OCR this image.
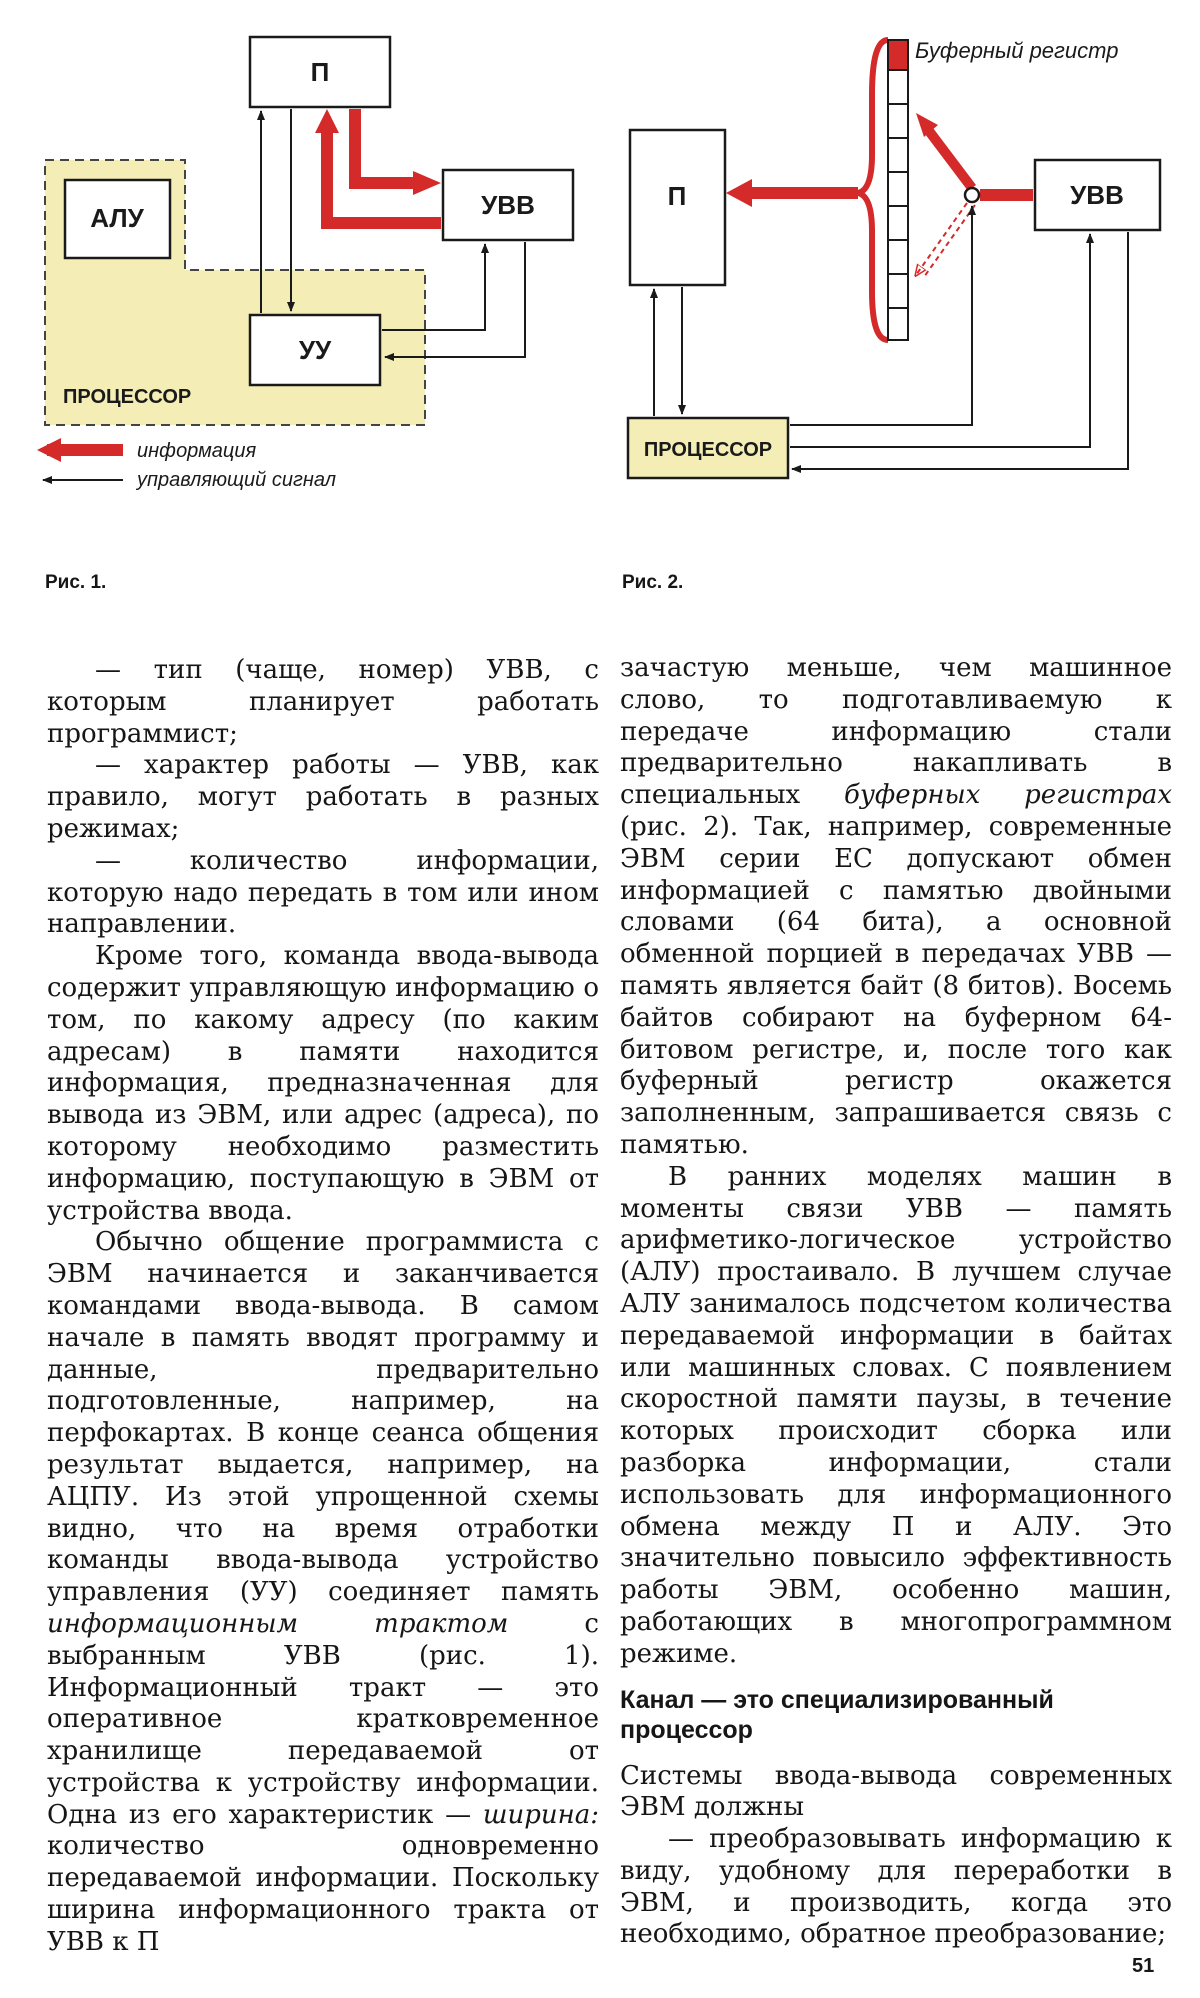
ПРОЦЕССОР
АЛУ
П
УВВ
УУ
информация
управляющий сигнал
П
ПРОЦЕССОР
УВВ
Буферный регистр
Рис. 1.	Рис. 2.

— тип (чаще, номер) УВВ, с которым планирует работать программист;

— характер работы — УВВ, как правило, могут работать в разных режимах;

— количество информации, которую надо передать в том или ином направлении.

Кроме того, команда ввода-вывода содержит управляющую информацию о том, по какому адресу (по каким адресам) в памяти находится информация, предназначенная для вывода из ЭВМ, или адрес (адреса), по которому необходимо разместить информацию, поступающую в ЭВМ от устройства ввода.

Обычно общение программиста с ЭВМ начинается и заканчивается командами ввода-вывода. В самом начале в память вводят программу и данные, предварительно подготовленные, например, на перфокартах. В конце сеанса общения результат выдается, например, на АЦПУ. Из этой упрощенной схемы видно, что на время отработки команды ввода-вывода устройство управления (УУ) соединяет память информационным трактом с выбранным УВВ (рис. 1). Информационный тракт — это оперативное кратковременное хранилище передаваемой от устройства к устройству информации. Одна из его характеристик — ширина: количество одновременно передаваемой информации. Поскольку ширина информационного тракта от УВВ к П

зачастую меньше, чем машинное слово, то подготавливаемую к передаче информацию стали предварительно накапливать в специальных буферных регистрах (рис. 2). Так, например, современные ЭВМ серии ЕС допускают обмен информацией с памятью двойными словами (64 бита), а основной обменной порцией в передачах УВВ — память является байт (8 битов). Восемь байтов собирают на буферном 64-битовом регистре, и, после того как буферный регистр окажется заполненным, запрашивается связь с памятью.

В ранних моделях машин в моменты связи УВВ — память арифметико-логическое устройство (АЛУ) простаивало. В лучшем случае АЛУ занималось подсчетом количества передаваемой информации в байтах или машинных словах. С появлением скоростной памяти паузы, в течение которых происходит сборка или разборка информации, стали использовать для информационного обмена между П и АЛУ. Это значительно повысило эффективность работы ЭВМ, особенно машин, работающих в многопрограммном режиме.

Канал — это специализированный процессор

Системы ввода-вывода современных ЭВМ должны

— преобразовывать информацию к виду, удобному для переработки в ЭВМ, и производить, когда это необходимо, обратное преобразование;

51
